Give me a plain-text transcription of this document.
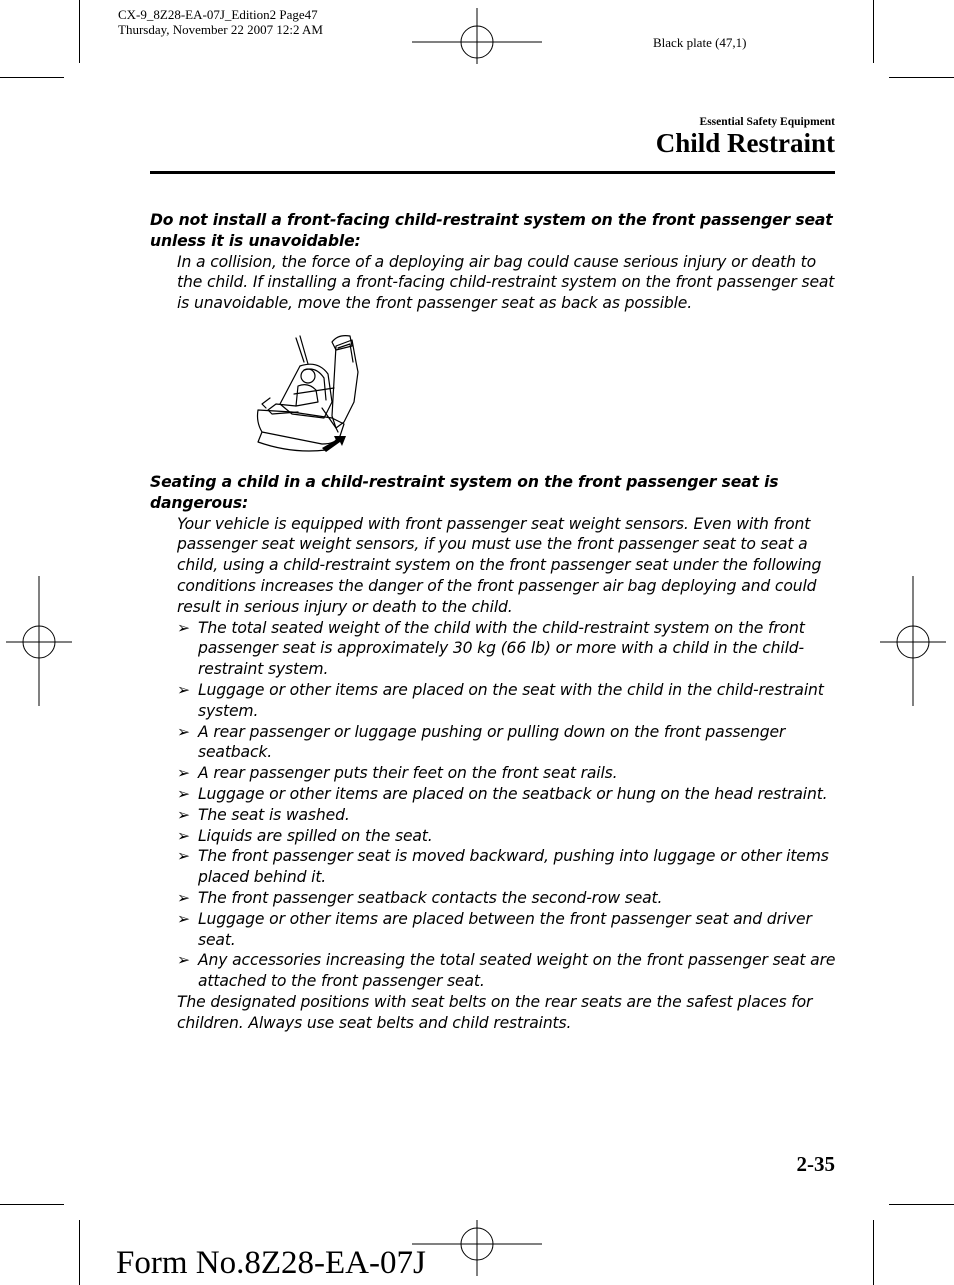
CX-9_8Z28-EA-07J_Edition2 Page47
Thursday, November 22 2007 12:2 AM
Black plate (47,1)
Essential Safety Equipment
Child Restraint
Do not install a front-facing child-restraint system on the front passenger seat unless it is unavoidable:
In a collision, the force of a deploying air bag could cause serious injury or death to the child. If installing a front-facing child-restraint system on the front passenger seat is unavoidable, move the front passenger seat as back as possible.
Seating a child in a child-restraint system on the front passenger seat is dangerous:
Your vehicle is equipped with front passenger seat weight sensors. Even with front passenger seat weight sensors, if you must use the front passenger seat to seat a child, using a child-restraint system on the front passenger seat under the following conditions increases the danger of the front passenger air bag deploying and could result in serious injury or death to the child.
➢ The total seated weight of the child with the child-restraint system on the front passenger seat is approximately 30 kg (66 lb) or more with a child in the child-restraint system.
➢ Luggage or other items are placed on the seat with the child in the child-restraint system.
➢ A rear passenger or luggage pushing or pulling down on the front passenger seatback.
➢ A rear passenger puts their feet on the front seat rails.
➢ Luggage or other items are placed on the seatback or hung on the head restraint.
➢ The seat is washed.
➢ Liquids are spilled on the seat.
➢ The front passenger seat is moved backward, pushing into luggage or other items placed behind it.
➢ The front passenger seatback contacts the second-row seat.
➢ Luggage or other items are placed between the front passenger seat and driver seat.
➢ Any accessories increasing the total seated weight on the front passenger seat are attached to the front passenger seat.
The designated positions with seat belts on the rear seats are the safest places for children. Always use seat belts and child restraints.
2-35
Form No.8Z28-EA-07J
